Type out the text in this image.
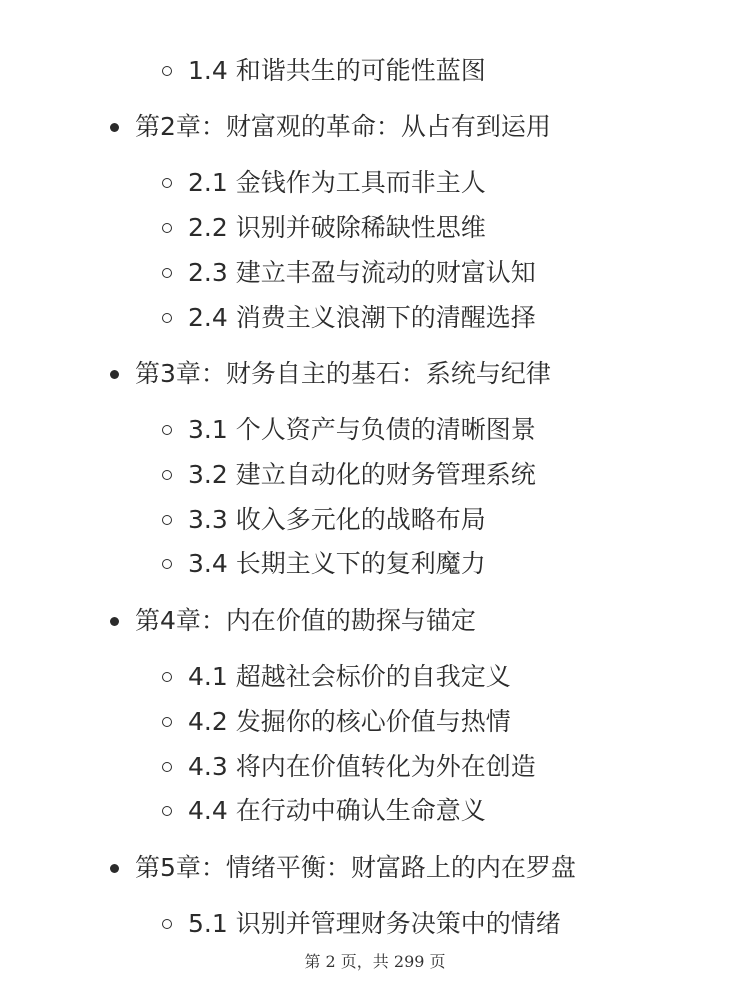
1.4 和谐共生的可能性蓝图
第2章：财富观的革命：从占有到运用
2.1 金钱作为工具而非主人
2.2 识别并破除稀缺性思维
2.3 建立丰盈与流动的财富认知
2.4 消费主义浪潮下的清醒选择
第3章：财务自主的基石：系统与纪律
3.1 个人资产与负债的清晰图景
3.2 建立自动化的财务管理系统
3.3 收入多元化的战略布局
3.4 长期主义下的复利魔力
第4章：内在价值的勘探与锚定
4.1 超越社会标价的自我定义
4.2 发掘你的核心价值与热情
4.3 将内在价值转化为外在创造
4.4 在行动中确认生命意义
第5章：情绪平衡：财富路上的内在罗盘
5.1 识别并管理财务决策中的情绪
第 2 页，共 299 页
